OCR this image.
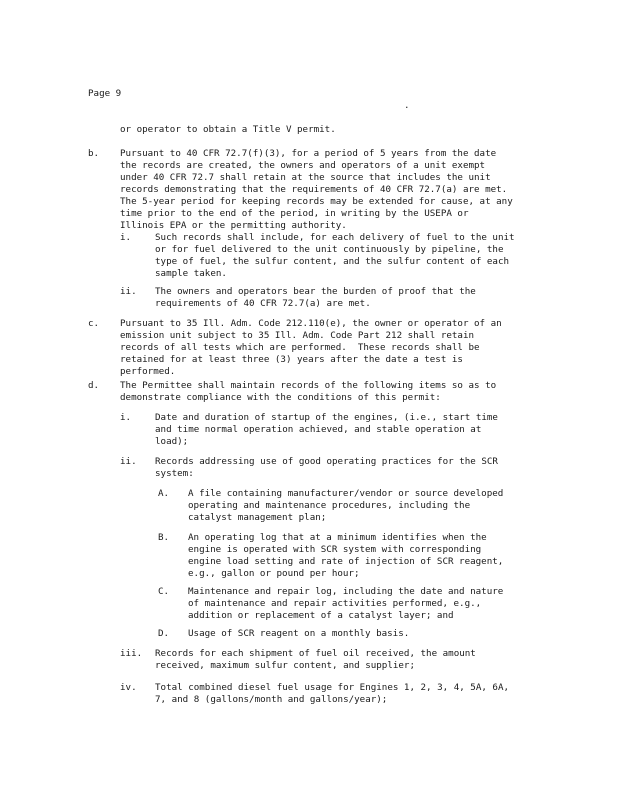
Page 9
.

or operator to obtain a Title V permit.

b. Pursuant to 40 CFR 72.7(f)(3), for a period of 5 years from the date

the records are created, the owners and operators of a unit exempt

under 40 CFR 72.7 shall retain at the source that includes the unit

records demonstrating that the requirements of 40 CFR 72.7(a) are met.

The 5-year period for keeping records may be extended for cause, at any

time prior to the end of the period, in writing by the USEPA or

Illinois EPA or the permitting authority.

i.	Such records shall include, for each delivery of fuel to the unit

or for fuel delivered to the unit continuously by pipeline, the

type of fuel, the sulfur content, and the sulfur content of each

sample taken.

ii. The owners and operators bear the burden of proof that the

requirements of 40 CFR 72.7(a) are met.

c. Pursuant to 35 Ill. Adm. Code 212.110(e), the owner or operator of an

emission unit subject to 35 Ill. Adm. Code Part 212 shall retain

records of all tests which are performed.  These records shall be

retained for at least three (3) years after the date a test is

performed.

d. The Permittee shall maintain records of the following items so as to

demonstrate compliance with the conditions of this permit:

i.	Date and duration of startup of the engines, (i.e., start time

and time normal operation achieved, and stable operation at

load);

ii. Records addressing use of good operating practices for the SCR

system:

A. A file containing manufacturer/vendor or source developed

operating and maintenance procedures, including the

catalyst management plan;

B. An operating log that at a minimum identifies when the

engine is operated with SCR system with corresponding

engine load setting and rate of injection of SCR reagent,

e.g., gallon or pound per hour;

C. Maintenance and repair log, including the date and nature

of maintenance and repair activities performed, e.g.,

addition or replacement of a catalyst layer; and

D. Usage of SCR reagent on a monthly basis.

iii. Records for each shipment of fuel oil received, the amount

received, maximum sulfur content, and supplier;

iv. Total combined diesel fuel usage for Engines 1, 2, 3, 4, 5A, 6A,

7, and 8 (gallons/month and gallons/year);
